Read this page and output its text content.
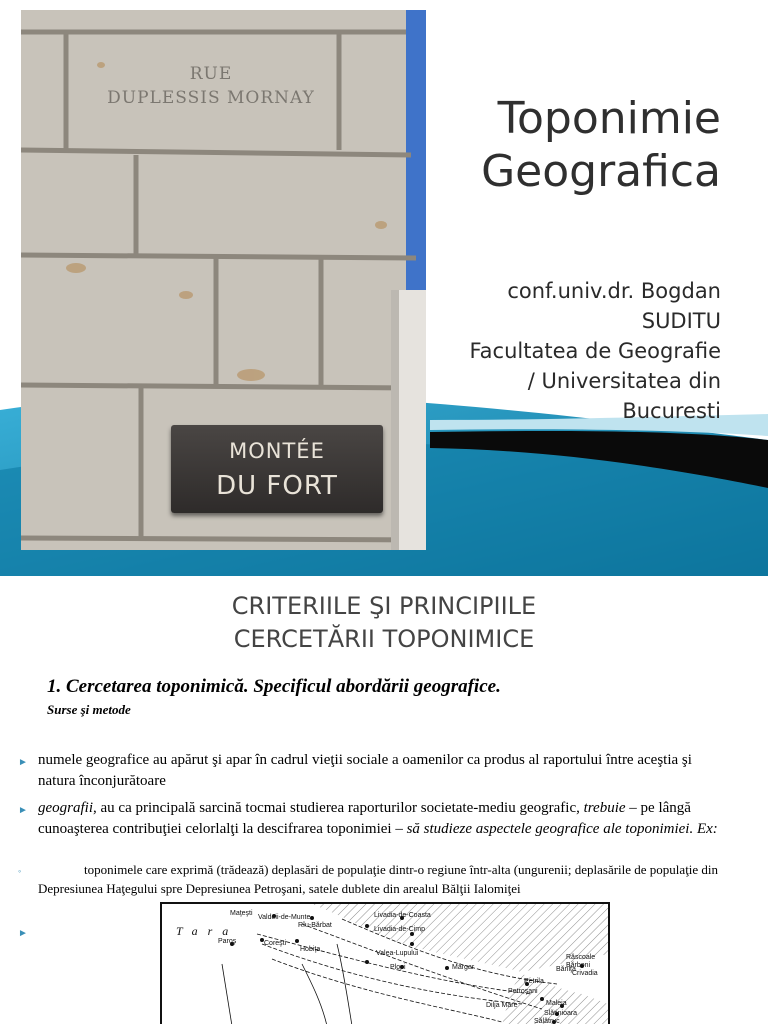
RUE
DUPLESSIS MORNAY
MONTÉE
DU FORT
Toponimie
Geografica
conf.univ.dr. Bogdan
SUDITU
Facultatea de Geografie
/ Universitatea din
Bucuresti
CRITERIILE ŞI PRINCIPIILE
CERCETĂRII TOPONIMICE
1. Cercetarea toponimică. Specificul abordării geografice.
Surse şi metode
► numele geografice au apărut şi apar în cadrul vieţii sociale a oamenilor ca produs al raportului între aceştia şi natura înconjurătoare
► geografii, au ca principală sarcină tocmai studierea raporturilor societate-mediu geografic, trebuie – pe lângă cunoaşterea contribuţiei celorlalţi la descifrarea toponimiei – să studieze aspectele geografice ale toponimiei. Ex:
◦	toponimele care exprimă (trădează) deplasări de populaţie dintr-o regiune într-alta (ungurenii; deplasările de populaţie din Depresiunea Haţegului spre Depresiunea Petroşani, satele dublete din arealul Bălţii Ialomiţei
►	Tara
Maţeşti
Valdeii-de-Munte
Rîu-Bărbat
Livadia-de-Coasta
Livadia-de-Cimp
Paroş	Coreşti
Hobiţa
Valea-Lupului
Plopi	Mărgar
Petrila
Băniţa
Petroşani
Dilja Mare	Maleia
Slătinioara
Sălătruc
Răscoale
Bărboni
Crivadia
